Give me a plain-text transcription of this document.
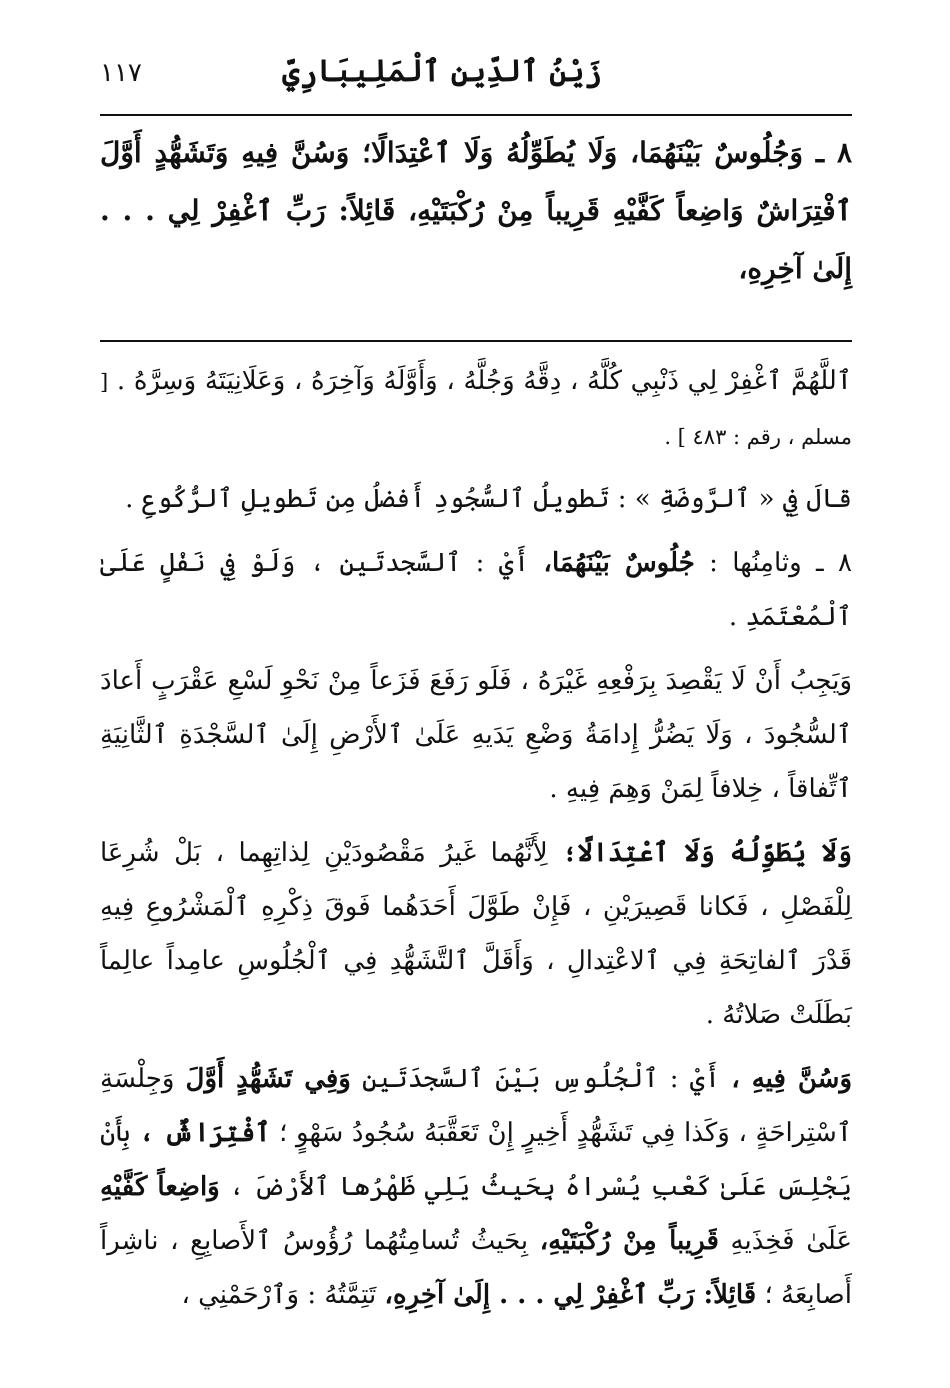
زَيْنُ ٱلدِّينِ ٱلْمَلِيبَارِيِّ
١١٧
٨ ـ وَجُلُوسٌ بَيْنَهُمَا، وَلَا يُطَوِّلُهُ وَلَا ٱعْتِدَالًا؛ وَسُنَّ فِيهِ وَتَشَهُّدٍ أَوَّلَ ٱفْتِرَاشٌ وَاضِعاً كَفَّيْهِ قَرِيباً مِنْ رُكْبَتَيْهِ، قَائِلاً: رَبِّ ٱغْفِرْ لِي . . . إِلَىٰ آخِرِهِ،

ٱللَّهُمَّ ٱغْفِرْ لِي ذَنْبِي كُلَّهُ ، دِقَّهُ وَجُلَّهُ ، وَأَوَّلَهُ وَآخِرَهُ ، وَعَلَانِيَتَهُ وَسِرَّهُ . [ مسلم ، رقم : ٤٨٣ ] .

قالَ فِي « ٱلرَّوضَةِ » : تَطويلُ ٱلسُّجُودِ أَفضلُ مِن تَطويلِ ٱلرُّكُوعِ .

٨ ـ وثامِنُها : جُلُوسٌ بَيْنَهُمَا، أَيْ : ٱلسَّجدتَينِ ، وَلَوْ فِي نَفْلٍ عَلَىٰ ٱلْمُعْتَمَدِ .

وَيَجِبُ أَنْ لَا يَقْصِدَ بِرَفْعِهِ غَيْرَهُ ، فَلَو رَفَعَ فَزَعاً مِنْ نَحْوِ لَسْعِ عَقْرَبٍ أَعادَ ٱلسُّجُودَ ، وَلَا يَضُرُّ إِدامَةُ وَضْعِ يَدَيهِ عَلَىٰ ٱلأَرْضِ إِلَىٰ ٱلسَّجْدَةِ ٱلثَّانِيَةِ ٱتِّفاقاً ، خِلافاً لِمَنْ وَهِمَ فِيهِ .

وَلَا يُطَوِّلُهُ وَلَا ٱعْتِدَالًا؛ لِأَنَّهُما غَيرُ مَقْصُودَيْنِ لِذاتِهِما ، بَلْ شُرِعَا لِلْفَصْلِ ، فَكانا قَصِيرَيْنِ ، فَإِنْ طَوَّلَ أَحَدَهُما فَوقَ ذِكْرِهِ ٱلْمَشْرُوعِ فِيهِ قَدْرَ ٱلفاتِحَةِ فِي ٱلاعْتِدالِ ، وَأَقَلَّ ٱلتَّشَهُّدِ فِي ٱلْجُلُوسِ عامِداً عالِماً بَطَلَتْ صَلاتُهُ .

وَسُنَّ فِيهِ ، أَيْ : ٱلْجُلُوسِ بَيْنَ ٱلسَّجدَتَينِ وَفِي تَشَهُّدٍ أَوَّلَ وَجِلْسَةِ ٱسْتِراحَةٍ ، وَكَذا فِي تَشَهُّدٍ أَخِيرٍ إِنْ تَعَقَّبَهُ سُجُودُ سَهْوٍ ؛ ٱفْتِرَاشٌ ، بِأَنْ يَجْلِسَ عَلَىٰ كَعْبِ يُسْراهُ بِحَيثُ يَلِي ظَهْرُها ٱلأَرْضَ ، وَاضِعاً كَفَّيْهِ عَلَىٰ فَخِذَيهِ قَرِيباً مِنْ رُكْبَتَيْهِ، بِحَيثُ تُسامِتُهُما رُؤُوسُ ٱلأَصابِعِ ، ناشِراً أَصابِعَهُ ؛ قَائِلاً: رَبِّ ٱغْفِرْ لِي . . . إِلَىٰ آخِرِهِ، تَتِمَّتُهُ : وَٱرْحَمْنِي ،
